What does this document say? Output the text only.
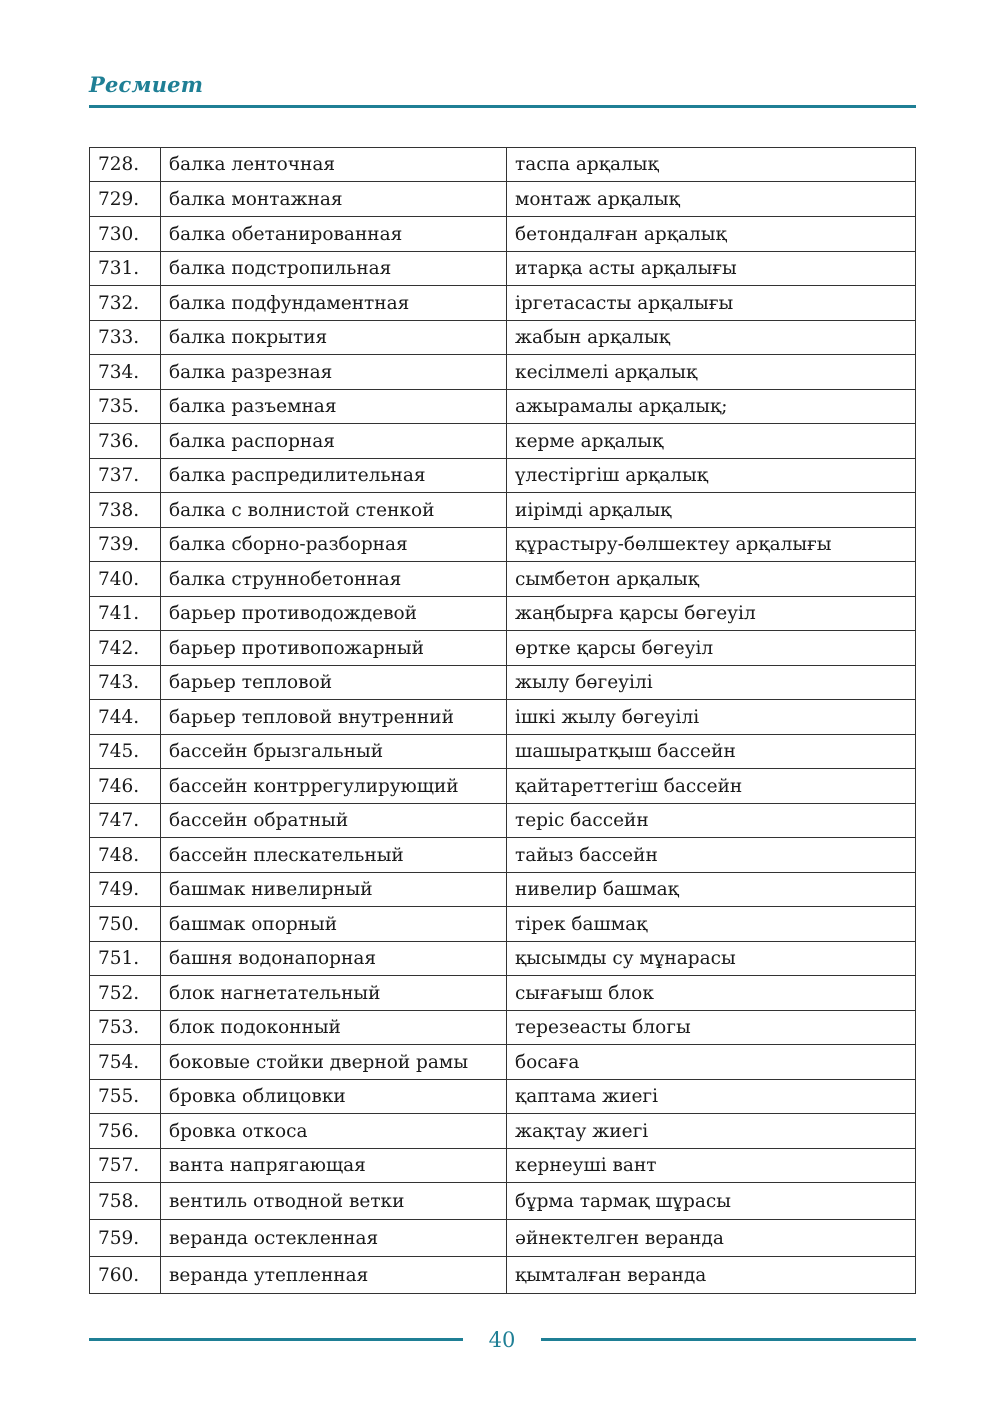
Ресмиет
728.	балка ленточная	таспа арқалық
729.	балка монтажная	монтаж арқалық
730.	балка обетанированная	бетондалған арқалық
731.	балка подстропильная	итарқа асты арқалығы
732.	балка подфундаментная	іргетасасты арқалығы
733.	балка покрытия	жабын арқалық
734.	балка разрезная	кесілмелі арқалық
735.	балка разъемная	ажырамалы арқалық;
736.	балка распорная	керме арқалық
737.	балка распредилительная	үлестіргіш арқалық
738.	балка с волнистой стенкой	иірімді арқалық
739.	балка сборно-разборная	құрастыру-бөлшектеу арқалығы
740.	балка струннобетонная	сымбетон арқалық
741.	барьер противодождевой	жаңбырға қарсы бөгеуіл
742.	барьер противопожарный	өртке қарсы бөгеуіл
743.	барьер тепловой	жылу бөгеуілі
744.	барьер тепловой внутренний	ішкі жылу бөгеуілі
745.	бассейн брызгальный	шашыратқыш бассейн
746.	бассейн контррегулирующий	қайтареттегіш бассейн
747.	бассейн обратный	теріс бассейн
748.	бассейн плескательный	тайыз бассейн
749.	башмак нивелирный	нивелир башмақ
750.	башмак опорный	тірек башмақ
751.	башня водонапорная	қысымды су мұнарасы
752.	блок нагнетательный	сығағыш блок
753.	блок подоконный	терезеасты блогы
754.	боковые стойки дверной рамы	босаға
755.	бровка облицовки	қаптама жиегі
756.	бровка откоса	жақтау жиегі
757.	ванта напрягающая	кернеуші вант
758.	вентиль отводной ветки	бұрма тармақ шұрасы
759.	веранда остекленная	әйнектелген веранда
760.	веранда утепленная	қымталған веранда
40
